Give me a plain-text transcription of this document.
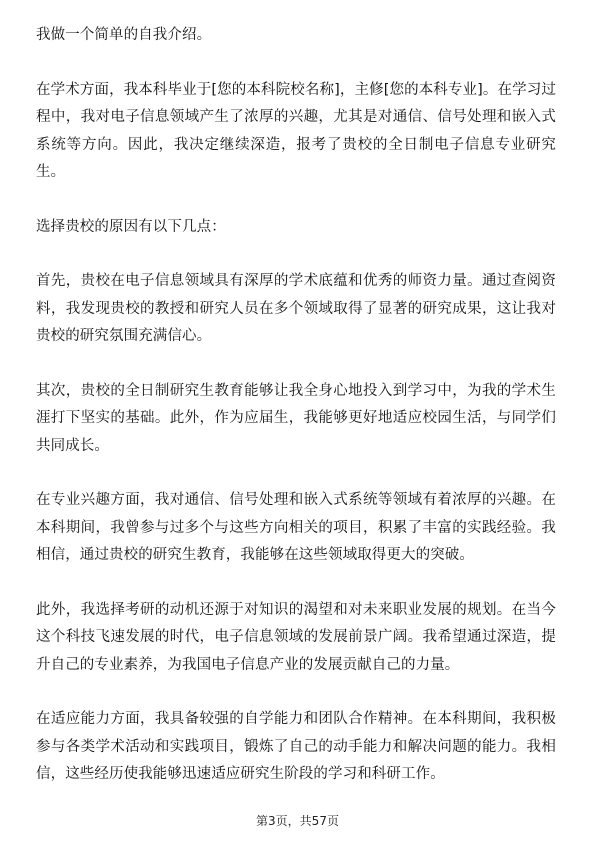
我做一个简单的自我介绍。

在学术方面，我本科毕业于[您的本科院校名称]，主修[您的本科专业]。在学习过程中，我对电子信息领域产生了浓厚的兴趣，尤其是对通信、信号处理和嵌入式系统等方向。因此，我决定继续深造，报考了贵校的全日制电子信息专业研究生。

选择贵校的原因有以下几点：

首先，贵校在电子信息领域具有深厚的学术底蕴和优秀的师资力量。通过查阅资料，我发现贵校的教授和研究人员在多个领域取得了显著的研究成果，这让我对贵校的研究氛围充满信心。

其次，贵校的全日制研究生教育能够让我全身心地投入到学习中，为我的学术生涯打下坚实的基础。此外，作为应届生，我能够更好地适应校园生活，与同学们共同成长。

在专业兴趣方面，我对通信、信号处理和嵌入式系统等领域有着浓厚的兴趣。在本科期间，我曾参与过多个与这些方向相关的项目，积累了丰富的实践经验。我相信，通过贵校的研究生教育，我能够在这些领域取得更大的突破。

此外，我选择考研的动机还源于对知识的渴望和对未来职业发展的规划。在当今这个科技飞速发展的时代，电子信息领域的发展前景广阔。我希望通过深造，提升自己的专业素养，为我国电子信息产业的发展贡献自己的力量。

在适应能力方面，我具备较强的自学能力和团队合作精神。在本科期间，我积极参与各类学术活动和实践项目，锻炼了自己的动手能力和解决问题的能力。我相信，这些经历使我能够迅速适应研究生阶段的学习和科研工作。

第3页，共57页
